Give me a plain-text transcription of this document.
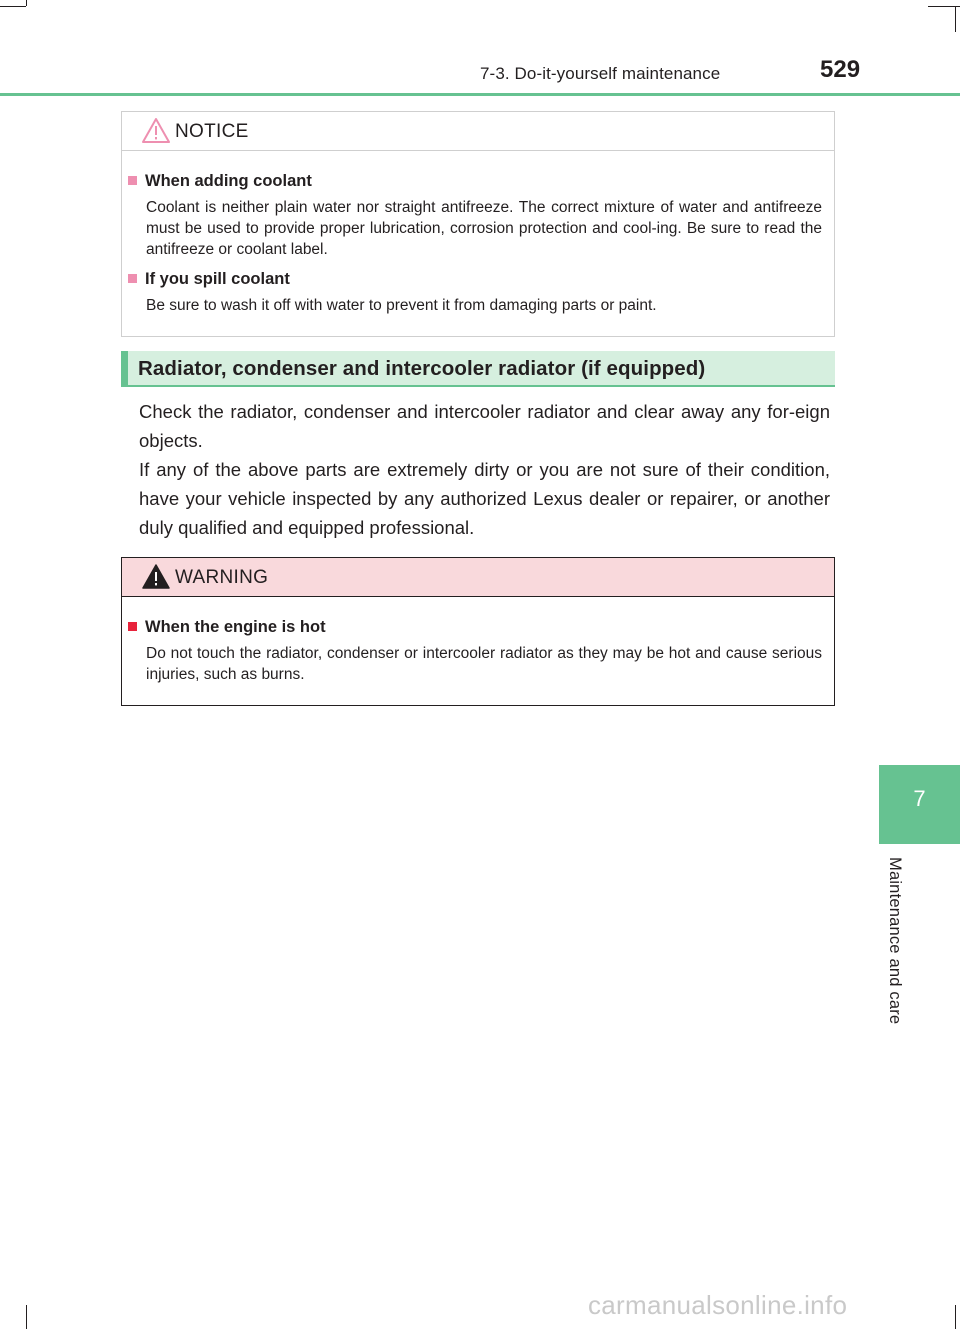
7-3. Do-it-yourself maintenance	529
NOTICE
When adding coolant
Coolant is neither plain water nor straight antifreeze. The correct mixture of water and antifreeze must be used to provide proper lubrication, corrosion protection and cool-ing. Be sure to read the antifreeze or coolant label.
If you spill coolant
Be sure to wash it off with water to prevent it from damaging parts or paint.
Radiator, condenser and intercooler radiator (if equipped)

Check the radiator, condenser and intercooler radiator and clear away any for-eign objects.

If any of the above parts are extremely dirty or you are not sure of their condition, have your vehicle inspected by any authorized Lexus dealer or repairer, or another duly qualified and equipped professional.

WARNING
When the engine is hot
Do not touch the radiator, condenser or intercooler radiator as they may be hot and cause serious injuries, such as burns.
7
Maintenance and care
carmanualsonline.info
